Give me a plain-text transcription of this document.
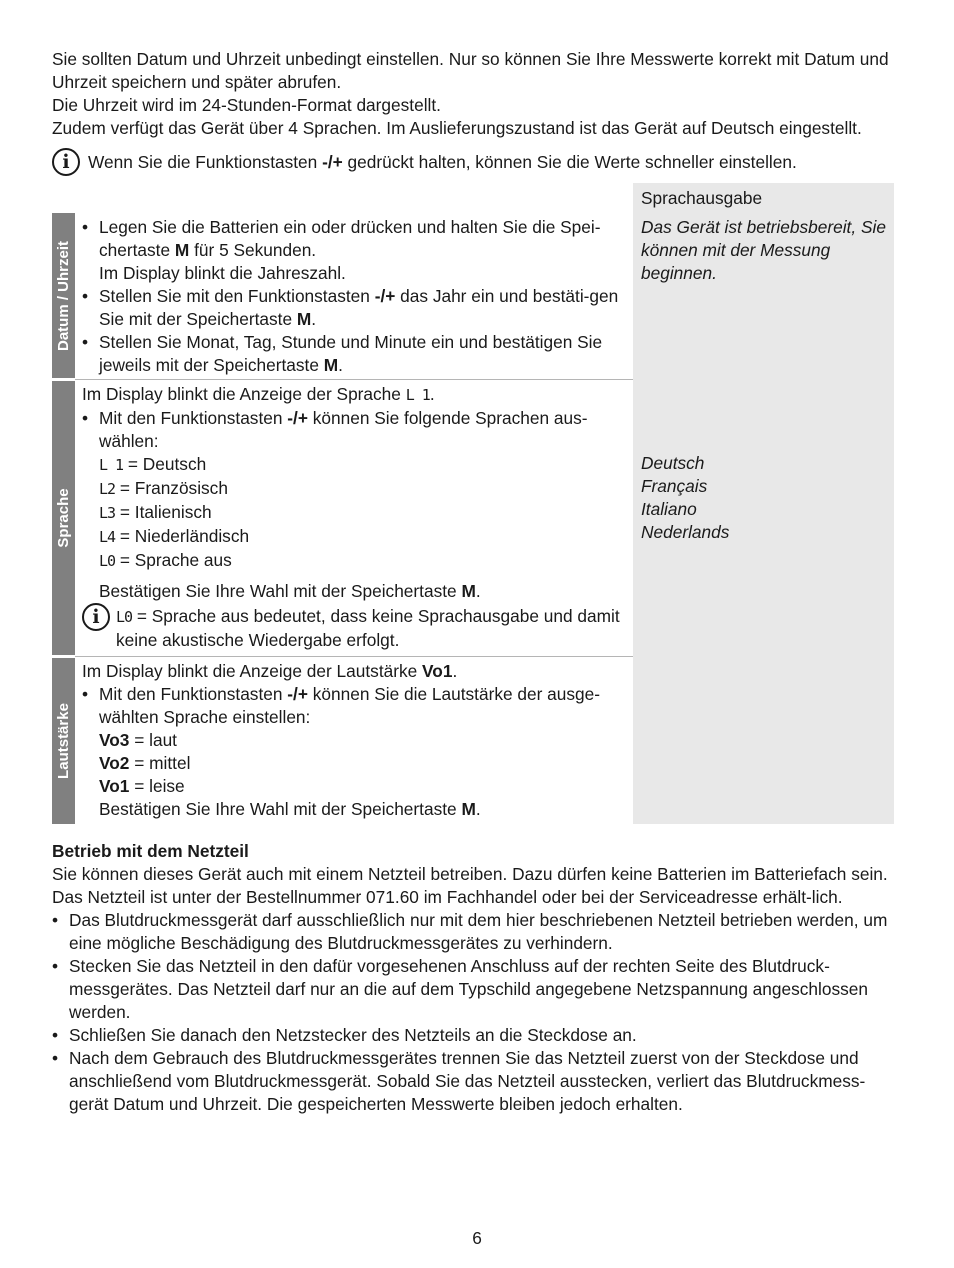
Sie sollten Datum und Uhrzeit unbedingt einstellen. Nur so können Sie Ihre Messwerte korrekt mit Datum und Uhrzeit speichern und später abrufen.

Die Uhrzeit wird im 24-Stunden-Format dargestellt.

Zudem verfügt das Gerät über 4 Sprachen. Im Auslieferungszustand ist das Gerät auf Deutsch eingestellt.

i	Wenn Sie die Funktionstasten -/+ gedrückt halten, können Sie die Werte schneller einstellen.
Datum / Uhrzeit
Sprache
Lautstärke
Sprachausgabe
• Legen Sie die Batterien ein oder drücken und halten Sie die Spei-chertaste M für 5 Sekunden.
Im Display blinkt die Jahreszahl.
• Stellen Sie mit den Funktionstasten -/+ das Jahr ein und bestäti-gen Sie mit der Speichertaste M.
• Stellen Sie Monat, Tag, Stunde und Minute ein und bestätigen Sie jeweils mit der Speichertaste M.
Das Gerät ist betriebsbereit, Sie können mit der Messung beginnen.
Im Display blinkt die Anzeige der Sprache L 1.
• Mit den Funktionstasten -/+ können Sie folgende Sprachen aus-wählen:
L 1 = Deutsch
L2 = Französisch
L3 = Italienisch
L4 = Niederländisch
L0 = Sprache aus
Bestätigen Sie Ihre Wahl mit der Speichertaste M.
i	L0 = Sprache aus bedeutet, dass keine Sprachausgabe und damit keine akustische Wiedergabe erfolgt.
Deutsch
Français
Italiano
Nederlands
Im Display blinkt die Anzeige der Lautstärke Vo1.
• Mit den Funktionstasten -/+ können Sie die Lautstärke der ausge-wählten Sprache einstellen:
Vo3 = laut
Vo2 = mittel
Vo1 = leise
Bestätigen Sie Ihre Wahl mit der Speichertaste M.
Betrieb mit dem Netzteil

Sie können dieses Gerät auch mit einem Netzteil betreiben. Dazu dürfen keine Batterien im Batteriefach sein. Das Netzteil ist unter der Bestellnummer 071.60 im Fachhandel oder bei der Serviceadresse erhält-lich.

• Das Blutdruckmessgerät darf ausschließlich nur mit dem hier beschriebenen Netzteil betrieben werden, um eine mögliche Beschädigung des Blutdruckmessgerätes zu verhindern.
• Stecken Sie das Netzteil in den dafür vorgesehenen Anschluss auf der rechten Seite des Blutdruck-messgerätes. Das Netzteil darf nur an die auf dem Typschild angegebene Netzspannung angeschlossen werden.
• Schließen Sie danach den Netzstecker des Netzteils an die Steckdose an.
• Nach dem Gebrauch des Blutdruckmessgerätes trennen Sie das Netzteil zuerst von der Steckdose und anschließend vom Blutdruckmessgerät. Sobald Sie das Netzteil ausstecken, verliert das Blutdruckmess-gerät Datum und Uhrzeit. Die gespeicherten Messwerte bleiben jedoch erhalten.
6
